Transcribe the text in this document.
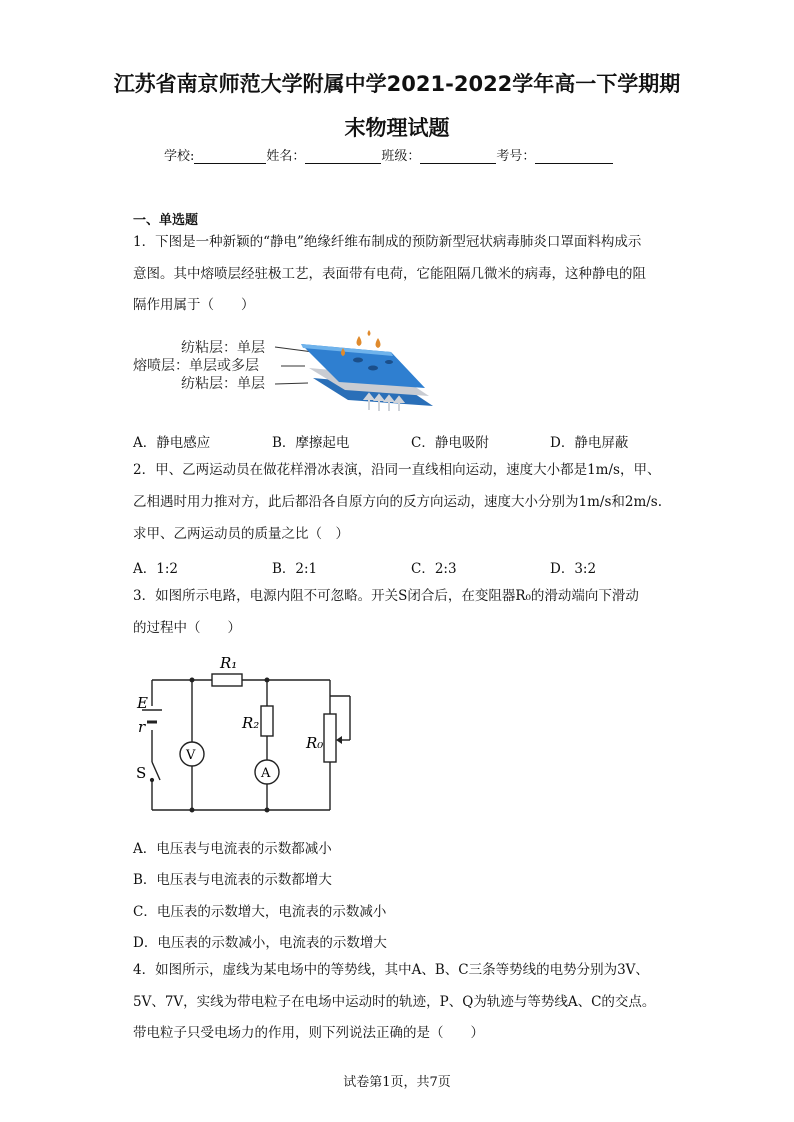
江苏省南京师范大学附属中学2021-2022学年高一下学期期
末物理试题
学校:	姓名：	班级：	考号：
一、单选题
1．下图是一种新颖的“静电”绝缘纤维布制成的预防新型冠状病毒肺炎口罩面料构成示
意图。其中熔喷层经驻极工艺，表面带有电荷，它能阻隔几微米的病毒，这种静电的阻
隔作用属于（　　）
纺粘层：单层
熔喷层：单层或多层
纺粘层：单层
A．静电感应	B．摩擦起电	C．静电吸附	D．静电屏蔽
2．甲、乙两运动员在做花样滑冰表演，沿同一直线相向运动，速度大小都是1m/s，甲、
乙相遇时用力推对方，此后都沿各自原方向的反方向运动，速度大小分别为1m/s和2m/s.
求甲、乙两运动员的质量之比（　）
A．1:2	B．2:1	C．2:3	D．3:2
3．如图所示电路，电源内阻不可忽略。开关S闭合后，在变阻器R₀的滑动端向下滑动
的过程中（　　）
R₁
R₂
R₀
E
r
S
V
A
A．电压表与电流表的示数都减小
B．电压表与电流表的示数都增大
C．电压表的示数增大，电流表的示数减小
D．电压表的示数减小，电流表的示数增大
4．如图所示，虚线为某电场中的等势线，其中A、B、C三条等势线的电势分别为3V、
5V、7V，实线为带电粒子在电场中运动时的轨迹，P、Q为轨迹与等势线A、C的交点。
带电粒子只受电场力的作用，则下列说法正确的是（　　）
试卷第1页，共7页
